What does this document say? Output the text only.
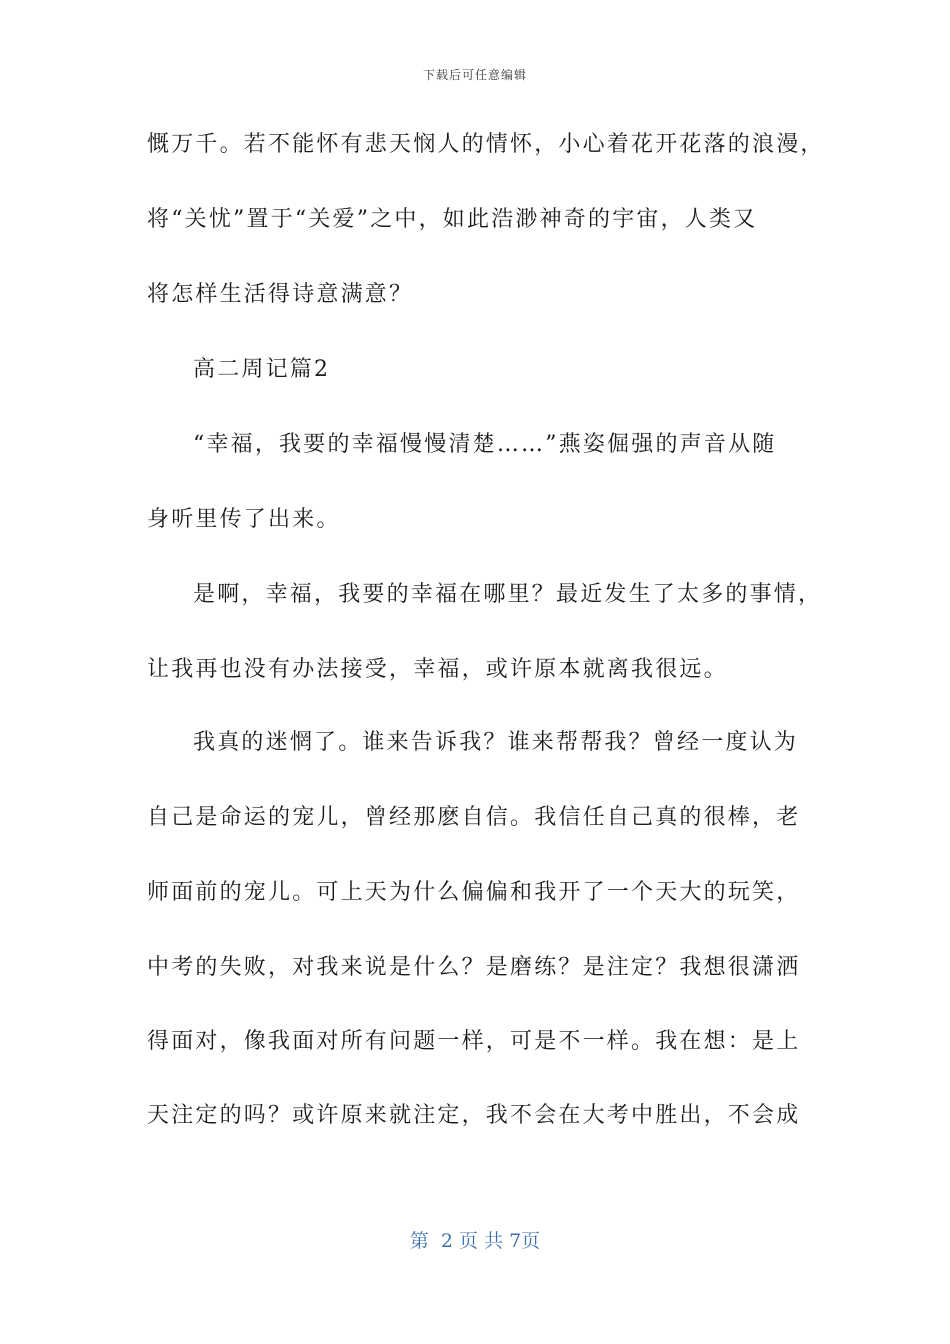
下载后可任意编辑
慨万千。若不能怀有悲天悯人的情怀，小心着花开花落的浪漫，
将“关忧”置于“关爱”之中，如此浩渺神奇的宇宙，人类又
将怎样生活得诗意满意？
高二周记篇2
“幸福，我要的幸福慢慢清楚……”燕姿倔强的声音从随
身听里传了出来。
是啊，幸福，我要的幸福在哪里？最近发生了太多的事情，
让我再也没有办法接受，幸福，或许原本就离我很远。
我真的迷惘了。谁来告诉我？谁来帮帮我？曾经一度认为
自己是命运的宠儿，曾经那麽自信。我信任自己真的很棒，老
师面前的宠儿。可上天为什么偏偏和我开了一个天大的玩笑，
中考的失败，对我来说是什么？是磨练？是注定？我想很潇洒
得面对，像我面对所有问题一样，可是不一样。我在想：是上
天注定的吗？或许原来就注定，我不会在大考中胜出，不会成
第  2 页 共 7页
